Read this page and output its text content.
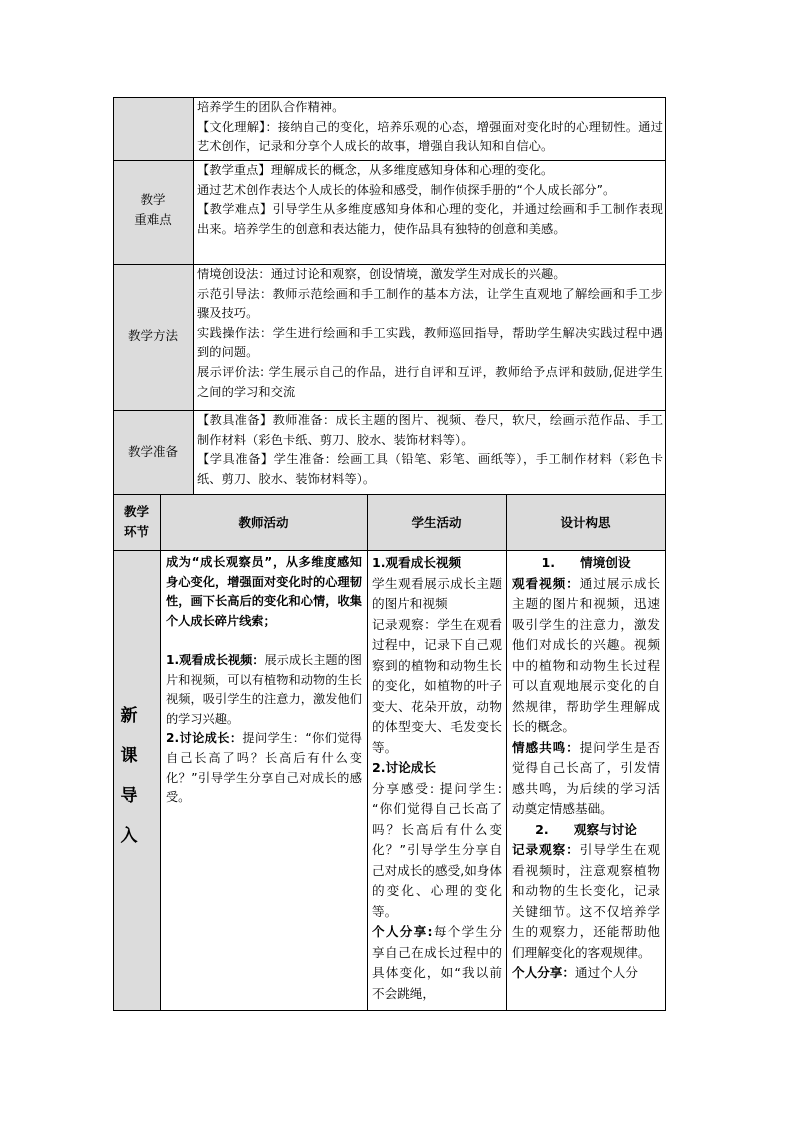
培养学生的团队合作精神。

【文化理解】：接纳自己的变化，培养乐观的心态，增强面对变化时的心理韧性。通过艺术创作，记录和分享个人成长的故事，增强自我认知和自信心。

教学
重难点

【教学重点】理解成长的概念，从多维度感知身体和心理的变化。

通过艺术创作表达个人成长的体验和感受，制作侦探手册的“个人成长部分”。

【教学难点】引导学生从多维度感知身体和心理的变化，并通过绘画和手工制作表现出来。培养学生的创意和表达能力，使作品具有独特的创意和美感。

教学方法

情境创设法：通过讨论和观察，创设情境，激发学生对成长的兴趣。

示范引导法：教师示范绘画和手工制作的基本方法，让学生直观地了解绘画和手工步骤及技巧。

实践操作法：学生进行绘画和手工实践，教师巡回指导，帮助学生解决实践过程中遇到的问题。

展示评价法: 学生展示自己的作品，进行自评和互评，教师给予点评和鼓励,促进学生之间的学习和交流

教学准备

【教具准备】教师准备：成长主题的图片、视频、卷尺，软尺，绘画示范作品、手工制作材料（彩色卡纸、剪刀、胶水、装饰材料等）。

【学具准备】学生准备：绘画工具（铅笔、彩笔、画纸等），手工制作材料（彩色卡纸、剪刀、胶水、装饰材料等）。

教学
环节
教师活动	学生活动	设计构思
新
课
导
入

成为“成长观察员”，从多维度感知身心变化，增强面对变化时的心理韧性，画下长高后的变化和心情，收集个人成长碎片线索；

1.观看成长视频：展示成长主题的图片和视频，可以有植物和动物的生长视频，吸引学生的注意力，激发他们的学习兴趣。

2.讨论成长：提问学生：“你们觉得自己长高了吗？长高后有什么变化？”引导学生分享自己对成长的感受。

1.观看成长视频

学生观看展示成长主题的图片和视频

记录观察：学生在观看过程中，记录下自己观察到的植物和动物生长的变化，如植物的叶子变大、花朵开放，动物的体型变大、毛发变长等。

2.讨论成长

分享感受: 提问学生: “你们觉得自己长高了吗？长高后有什么变化？”引导学生分享自己对成长的感受,如身体的变化、心理的变化等。

个人分享:每个学生分享自己在成长过程中的具体变化，如“我以前不会跳绳，

1.　　情境创设

观看视频：通过展示成长主题的图片和视频，迅速吸引学生的注意力，激发他们对成长的兴趣。视频中的植物和动物生长过程可以直观地展示变化的自然规律，帮助学生理解成长的概念。

情感共鸣：提问学生是否觉得自己长高了，引发情感共鸣，为后续的学习活动奠定情感基础。

2.　　观察与讨论

记录观察：引导学生在观看视频时，注意观察植物和动物的生长变化，记录关键细节。这不仅培养学生的观察力，还能帮助他们理解变化的客观规律。

个人分享：通过个人分
